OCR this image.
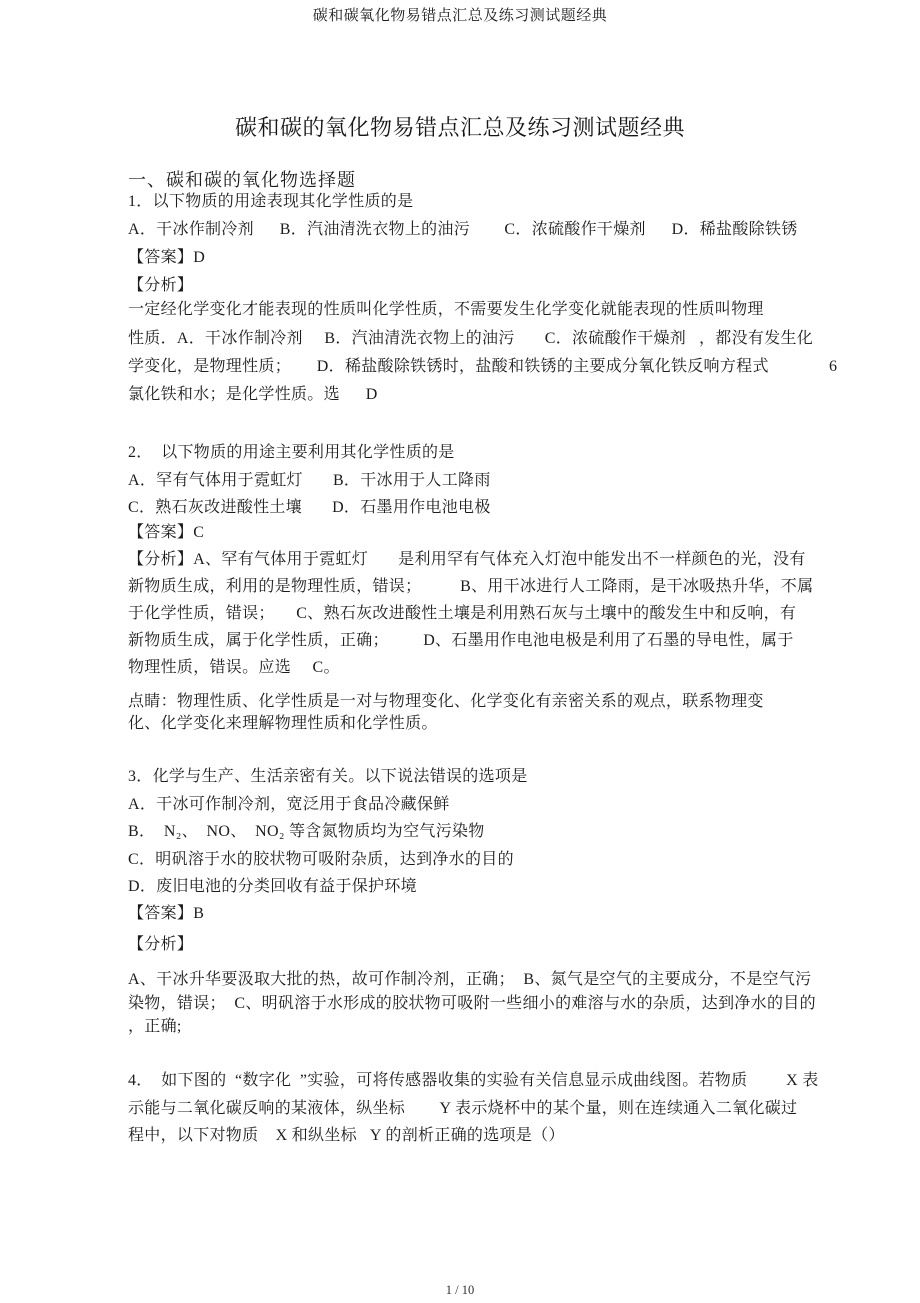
碳和碳氧化物易错点汇总及练习测试题经典
碳和碳的氧化物易错点汇总及练习测试题经典
一、碳和碳的氧化物选择题
1．以下物质的用途表现其化学性质的是
A．干冰作制冷剂      B．汽油清洗衣物上的油污        C．浓硫酸作干燥剂      D．稀盐酸除铁锈
【答案】D
【分析】
一定经化学变化才能表现的性质叫化学性质，不需要发生化学变化就能表现的性质叫物理
性质．A．干冰作制冷剂     B．汽油清洗衣物上的油污       C．浓硫酸作干燥剂   ，都没有发生化
学变化，是物理性质；      D．稀盐酸除铁锈时，盐酸和铁锈的主要成分氧化铁反响方程式              6
氯化铁和水；是化学性质。选      D
2．  以下物质的用途主要利用其化学性质的是
A．罕有气体用于霓虹灯       B．干冰用于人工降雨
C．熟石灰改进酸性土壤       D．石墨用作电池电极
【答案】C
【分析】A、罕有气体用于霓虹灯       是利用罕有气体充入灯泡中能发出不一样颜色的光，没有
新物质生成，利用的是物理性质，错误；         B、用干冰进行人工降雨，是干冰吸热升华，不属
于化学性质，错误；     C、熟石灰改进酸性土壤是利用熟石灰与土壤中的酸发生中和反响，有
新物质生成，属于化学性质，正确；        D、石墨用作电池电极是利用了石墨的导电性，属于
物理性质，错误。应选     C。
点睛：物理性质、化学性质是一对与物理变化、化学变化有亲密关系的观点，联系物理变
化、化学变化来理解物理性质和化学性质。
3．化学与生产、生活亲密有关。以下说法错误的选项是
A．干冰可作制冷剂，宽泛用于食品冷藏保鲜
B．  N₂、  NO、  NO₂ 等含氮物质均为空气污染物
C．明矾溶于水的胶状物可吸附杂质，达到净水的目的
D．废旧电池的分类回收有益于保护环境
【答案】B
【分析】
A、干冰升华要汲取大批的热，故可作制冷剂，正确；  B、氮气是空气的主要成分，不是空气污
染物，错误；  C、明矾溶于水形成的胶状物可吸附一些细小的难溶与水的杂质，达到净水的目的
，正确;
4．  如下图的  “数字化  ”实验，可将传感器收集的实验有关信息显示成曲线图。若物质         X 表
示能与二氧化碳反响的某液体，纵坐标        Y 表示烧杯中的某个量，则在连续通入二氧化碳过
程中，以下对物质    X 和纵坐标   Y 的剖析正确的选项是（）
1 / 10
